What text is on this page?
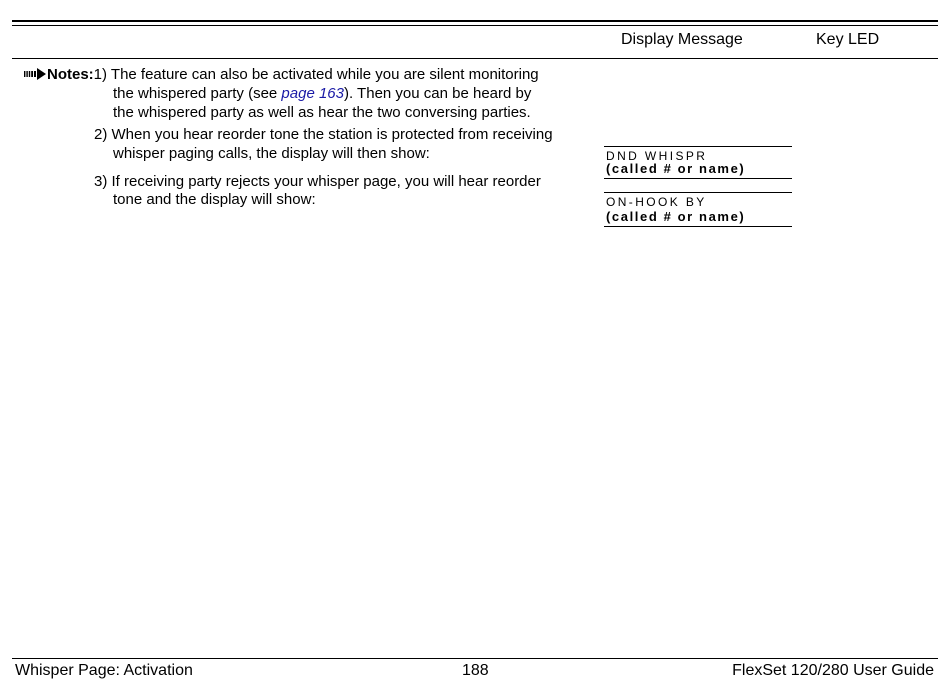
Display Message	Key LED
Notes:1) The feature can also be activated while you are silent monitoring
the whispered party (see page 163). Then you can be heard by
the whispered party as well as hear the two conversing parties.
2) When you hear reorder tone the station is protected from receiving
whisper paging calls, the display will then show:
3) If receiving party rejects your whisper page, you will hear reorder
tone and the display will show:
DND WHISPR
(called # or name)
ON-HOOK BY
(called # or name)
Whisper Page: Activation	188	FlexSet 120/280 User Guide
